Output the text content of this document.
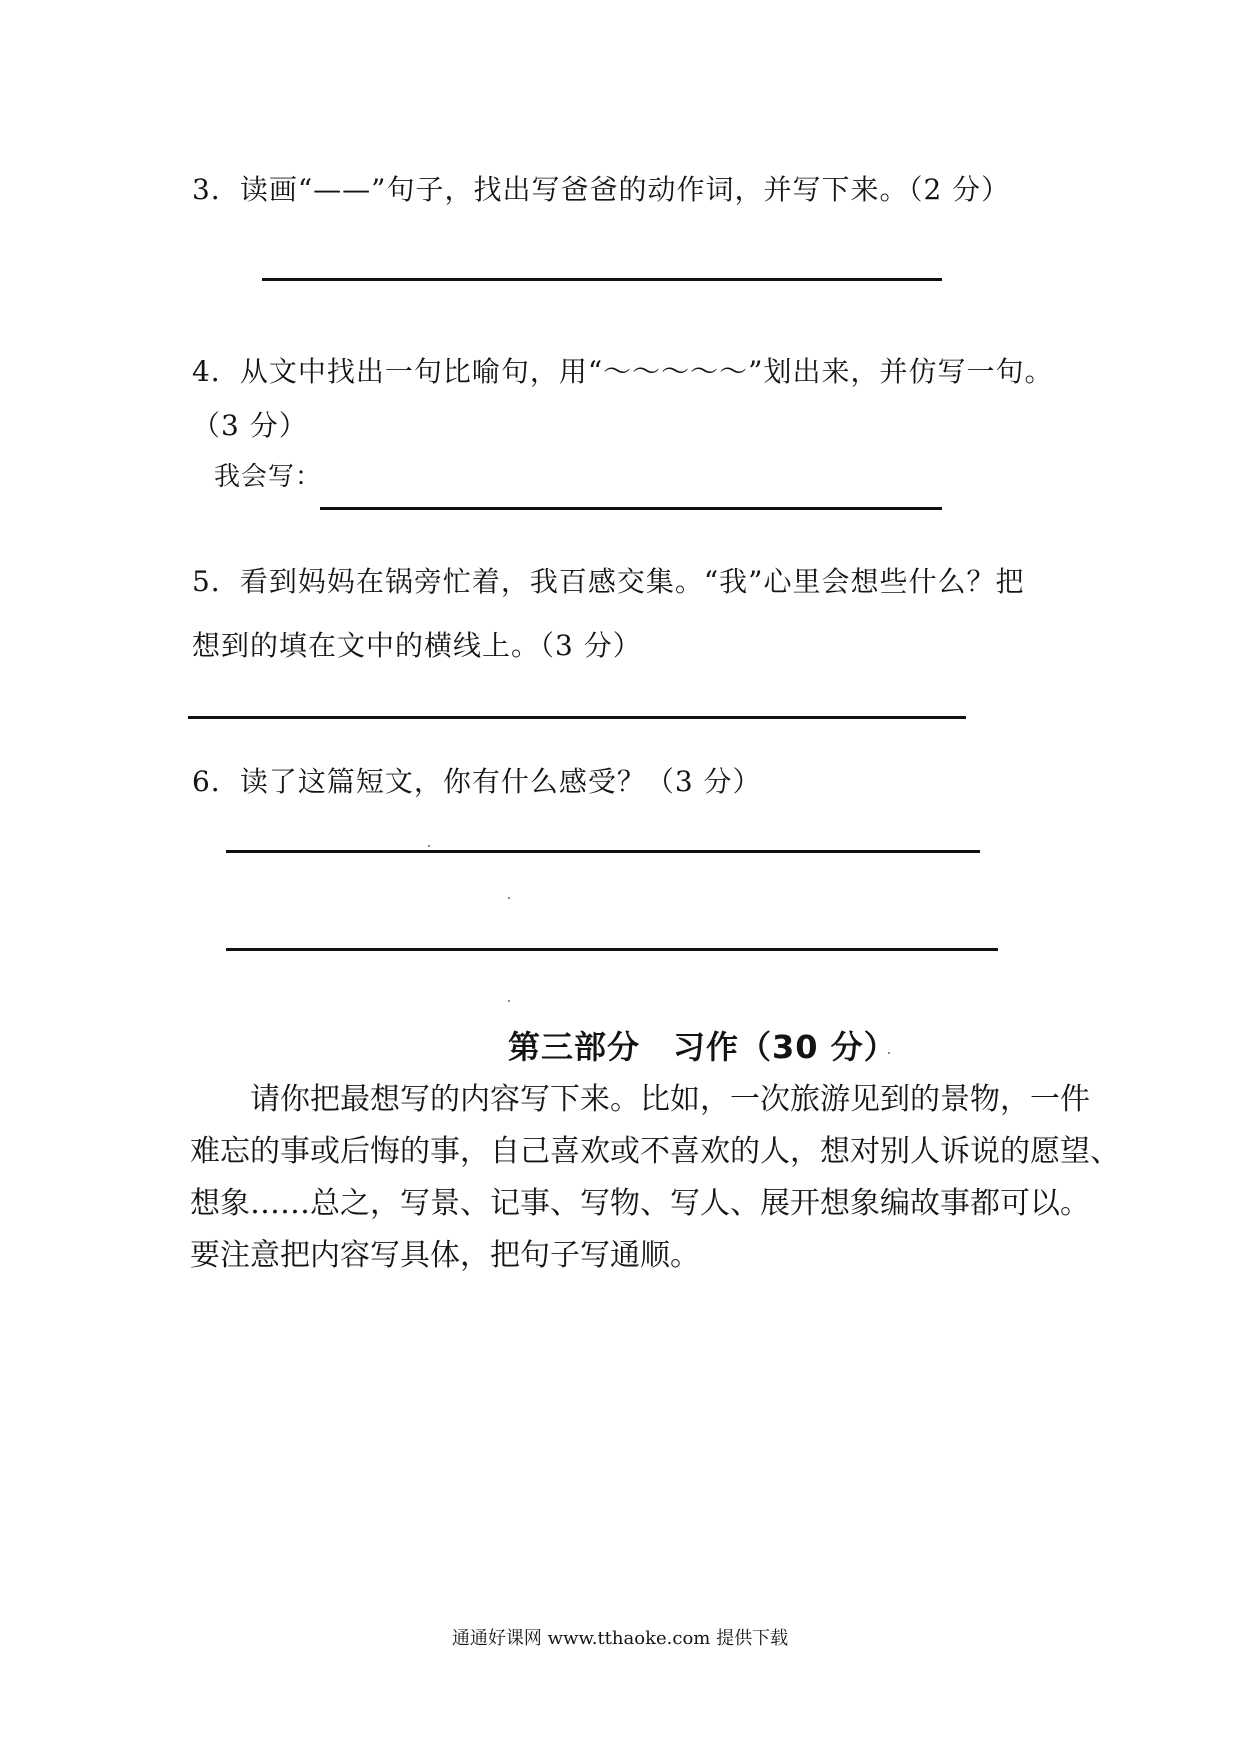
3．读画“——”句子，找出写爸爸的动作词，并写下来。（2 分）
4．从文中找出一句比喻句，用“～～～～～”划出来，并仿写一句。
（3 分）
我会写：
5．看到妈妈在锅旁忙着，我百感交集。“我”心里会想些什么？把
想到的填在文中的横线上。（3 分）
6．读了这篇短文，你有什么感受？（3 分）
第三部分　习作（30 分）
　　请你把最想写的内容写下来。比如，一次旅游见到的景物，一件
难忘的事或后悔的事，自己喜欢或不喜欢的人，想对别人诉说的愿望、
想象……总之，写景、记事、写物、写人、展开想象编故事都可以。
要注意把内容写具体，把句子写通顺。
通通好课网 www.tthaoke.com 提供下载
